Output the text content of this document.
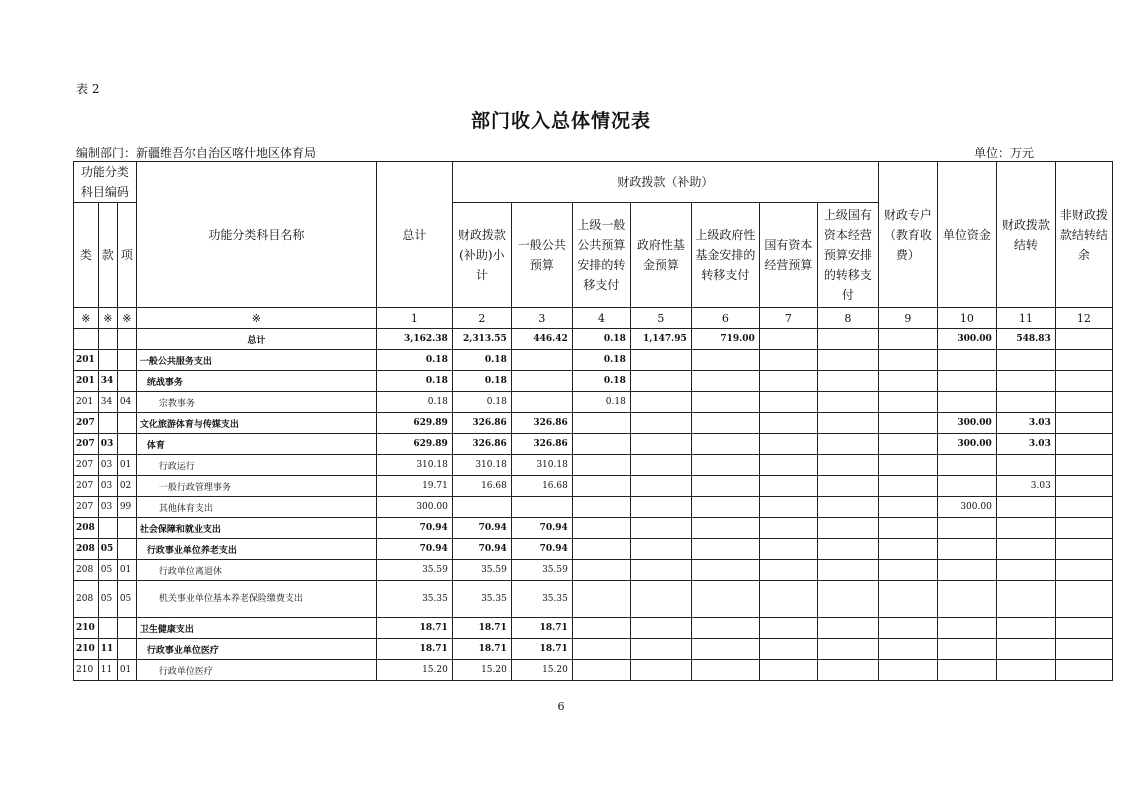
表 2
部门收入总体情况表
编制部门：新疆维吾尔自治区喀什地区体育局	单位：万元
功能分类科目编码			功能分类科目名称	总计	财政拨款（补助）							财政专户（教育收费）	单位资金	财政拨款结转	非财政拨款结转结余
类	款	项			财政拨款(补助)小计	一般公共预算	上级一般公共预算安排的转移支付	政府性基金预算	上级政府性基金安排的转移支付	国有资本经营预算	上级国有资本经营预算安排的转移支付				
※	※	※	※	1	2	3	4	5	6	7	8	9	10	11	12
			总计	3,162.38	2,313.55	446.42	0.18	1,147.95	719.00				300.00	548.83	
201			一般公共服务支出	0.18	0.18		0.18								
201	34		统战事务	0.18	0.18		0.18								
201	34	04	宗教事务	0.18	0.18		0.18								
207			文化旅游体育与传媒支出	629.89	326.86	326.86							300.00	3.03	
207	03		体育	629.89	326.86	326.86							300.00	3.03	
207	03	01	行政运行	310.18	310.18	310.18									
207	03	02	一般行政管理事务	19.71	16.68	16.68								3.03	
207	03	99	其他体育支出	300.00									300.00		
208			社会保障和就业支出	70.94	70.94	70.94									
208	05		行政事业单位养老支出	70.94	70.94	70.94									
208	05	01	行政单位离退休	35.59	35.59	35.59									
208	05	05	机关事业单位基本养老保险缴费支出	35.35	35.35	35.35									
210			卫生健康支出	18.71	18.71	18.71									
210	11		行政事业单位医疗	18.71	18.71	18.71									
210	11	01	行政单位医疗	15.20	15.20	15.20									
6
